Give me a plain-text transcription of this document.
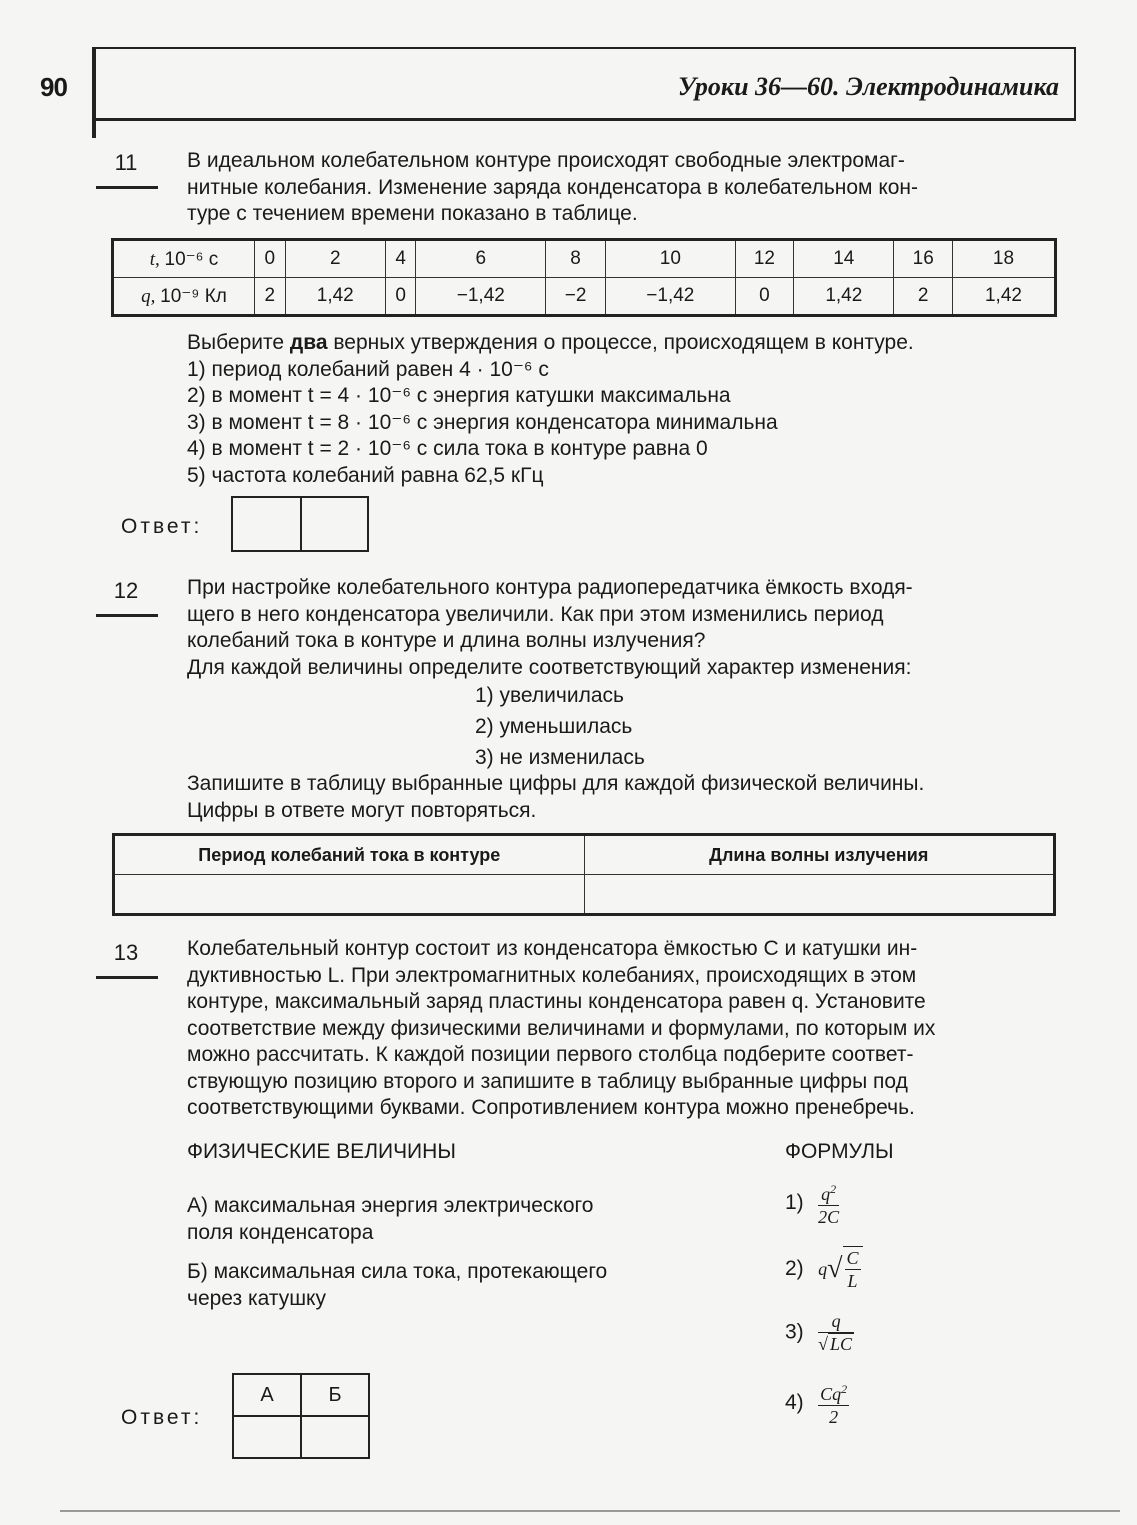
90	Уроки 36—60. Электродинамика
11	В идеальном колебательном контуре происходят свободные электромаг-
нитные колебания. Изменение заряда конденсатора в колебательном кон-
туре с течением времени показано в таблице.
t, 10⁻⁶ с	0	2	4	6	8	10	12	14	16	18
q, 10⁻⁹ Кл	2	1,42	0	−1,42	−2	−1,42	0	1,42	2	1,42
Выберите два верных утверждения о процессе, происходящем в контуре.
1) период колебаний равен 4 · 10⁻⁶ с
2) в момент t = 4 · 10⁻⁶ с энергия катушки максимальна
3) в момент t = 8 · 10⁻⁶ с энергия конденсатора минимальна
4) в момент t = 2 · 10⁻⁶ с сила тока в контуре равна 0
5) частота колебаний равна 62,5 кГц
Ответ:
12	При настройке колебательного контура радиопередатчика ёмкость входя-
щего в него конденсатора увеличили. Как при этом изменились период
колебаний тока в контуре и длина волны излучения?
Для каждой величины определите соответствующий характер изменения:
1) увеличилась
2) уменьшилась
3) не изменилась
Запишите в таблицу выбранные цифры для каждой физической величины.
Цифры в ответе могут повторяться.
Период колебаний тока в контуре	Длина волны излучения

13	Колебательный контур состоит из конденсатора ёмкостью C и катушки ин-
дуктивностью L. При электромагнитных колебаниях, происходящих в этом
контуре, максимальный заряд пластины конденсатора равен q. Установите
соответствие между физическими величинами и формулами, по которым их
можно рассчитать. К каждой позиции первого столбца подберите соответ-
ствующую позицию второго и запишите в таблицу выбранные цифры под
соответствующими буквами. Сопротивлением контура можно пренебречь.
ФИЗИЧЕСКИЕ ВЕЛИЧИНЫ	ФОРМУЛЫ
А) максимальная энергия электрического
поля конденсатора
Б) максимальная сила тока, протекающего
через катушку
$1) \frac{q^2}{2C}$
2) $q√ \frac{C}{L}$
$3) \frac{q}{√ LC}$
$4) \frac{Cq^2}{2}$
Ответ:
А	Б
